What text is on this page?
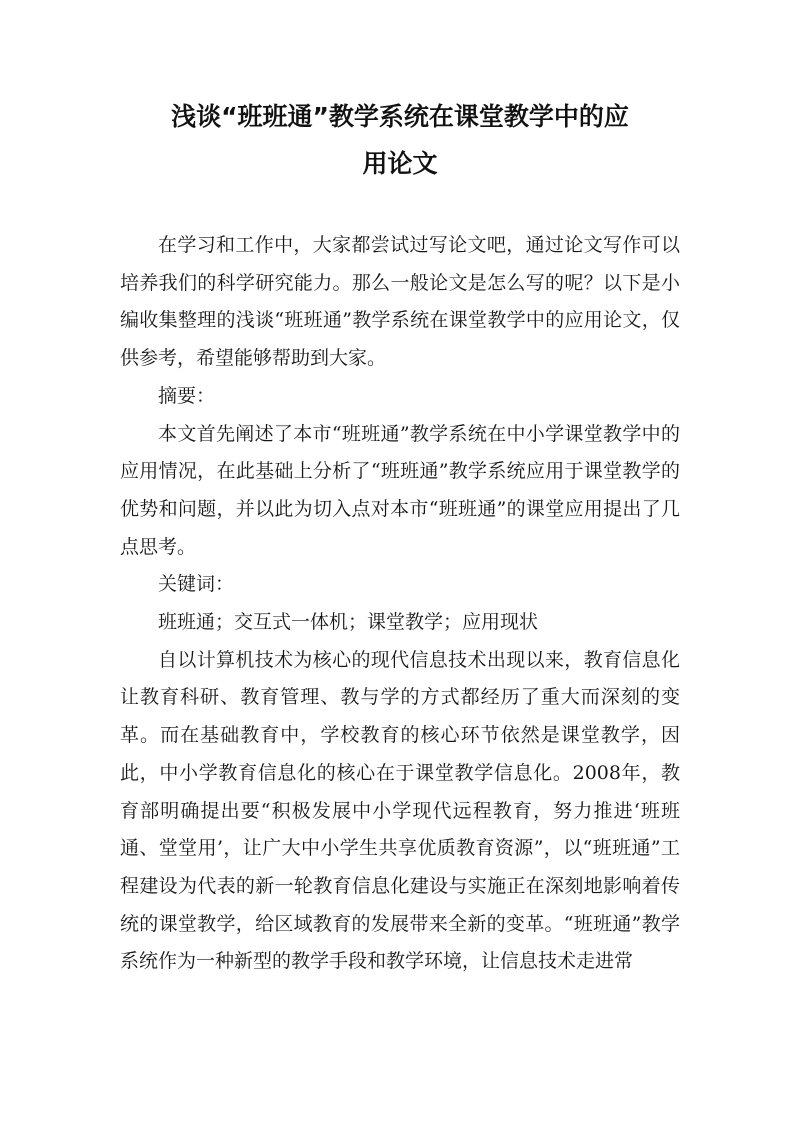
浅谈“班班通”教学系统在课堂教学中的应
用论文

在学习和工作中，大家都尝试过写论文吧，通过论文写作可以培养我们的科学研究能力。那么一般论文是怎么写的呢？以下是小编收集整理的浅谈“班班通”教学系统在课堂教学中的应用论文，仅供参考，希望能够帮助到大家。

摘要：

本文首先阐述了本市“班班通”教学系统在中小学课堂教学中的应用情况，在此基础上分析了“班班通”教学系统应用于课堂教学的优势和问题，并以此为切入点对本市“班班通”的课堂应用提出了几点思考。

关键词：

班班通；交互式一体机；课堂教学；应用现状

自以计算机技术为核心的现代信息技术出现以来，教育信息化让教育科研、教育管理、教与学的方式都经历了重大而深刻的变革。而在基础教育中，学校教育的核心环节依然是课堂教学，因此，中小学教育信息化的核心在于课堂教学信息化。2008年，教育部明确提出要“积极发展中小学现代远程教育，努力推进‘班班通、堂堂用’，让广大中小学生共享优质教育资源”，以“班班通”工程建设为代表的新一轮教育信息化建设与实施正在深刻地影响着传统的课堂教学，给区域教育的发展带来全新的变革。“班班通”教学系统作为一种新型的教学手段和教学环境，让信息技术走进常
